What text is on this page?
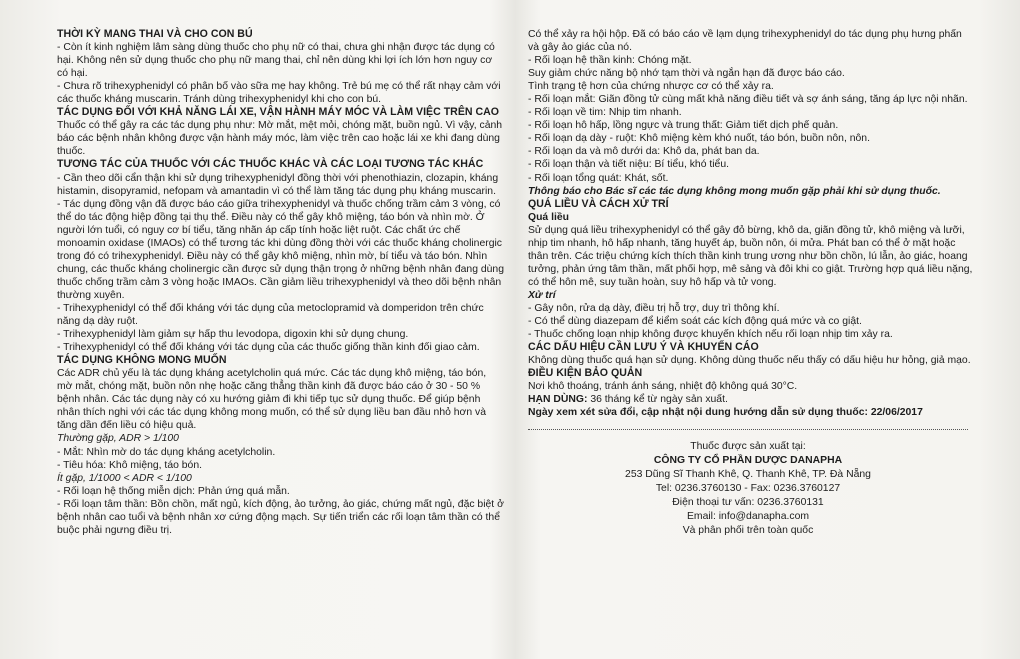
THỜI KỲ MANG THAI VÀ CHO CON BÚ

- Còn ít kinh nghiệm lâm sàng dùng thuốc cho phụ nữ có thai, chưa ghi nhận được tác dụng có hại. Không nên sử dụng thuốc cho phụ nữ mang thai, chỉ nên dùng khi lợi ích lớn hơn nguy cơ có hại.

- Chưa rõ trihexyphenidyl có phân bố vào sữa mẹ hay không. Trẻ bú mẹ có thể rất nhạy cảm với các thuốc kháng muscarin. Tránh dùng trihexyphenidyl khi cho con bú.

TÁC DỤNG ĐỐI VỚI KHẢ NĂNG LÁI XE, VẬN HÀNH MÁY MÓC VÀ LÀM VIỆC TRÊN CAO

Thuốc có thể gây ra các tác dụng phụ như: Mờ mắt, mệt mỏi, chóng mặt, buồn ngủ. Vì vậy, cảnh báo các bệnh nhân không được vận hành máy móc, làm việc trên cao hoặc lái xe khi đang dùng thuốc.

TƯƠNG TÁC CỦA THUỐC VỚI CÁC THUỐC KHÁC VÀ CÁC LOẠI TƯƠNG TÁC KHÁC

- Cần theo dõi cẩn thận khi sử dụng trihexyphenidyl đồng thời với phenothiazin, clozapin, kháng histamin, disopyramid, nefopam và amantadin vì có thể làm tăng tác dụng phụ kháng muscarin.

- Tác dụng đồng vận đã được báo cáo giữa trihexyphenidyl và thuốc chống trầm cảm 3 vòng, có thể do tác động hiệp đồng tại thụ thể. Điều này có thể gây khô miệng, táo bón và nhìn mờ. Ở người lớn tuổi, có nguy cơ bí tiểu, tăng nhãn áp cấp tính hoặc liệt ruột. Các chất ức chế monoamin oxidase (IMAOs) có thể tương tác khi dùng đồng thời với các thuốc kháng cholinergic trong đó có trihexyphenidyl. Điều này có thể gây khô miệng, nhìn mờ, bí tiểu và táo bón. Nhìn chung, các thuốc kháng cholinergic cần được sử dụng thận trọng ở những bệnh nhân đang dùng thuốc chống trầm cảm 3 vòng hoặc IMAOs. Cần giảm liều trihexyphenidyl và theo dõi bệnh nhân thường xuyên.

- Trihexyphenidyl có thể đối kháng với tác dụng của metoclopramid và domperidon trên chức năng dạ dày ruột.

- Trihexyphenidyl làm giảm sự hấp thu levodopa, digoxin khi sử dụng chung.

- Trihexyphenidyl có thể đối kháng với tác dụng của các thuốc giống thần kinh đối giao cảm.

TÁC DỤNG KHÔNG MONG MUỐN

Các ADR chủ yếu là tác dụng kháng acetylcholin quá mức. Các tác dụng khô miệng, táo bón, mờ mắt, chóng mặt, buồn nôn nhẹ hoặc căng thẳng thần kinh đã được báo cáo ở 30 - 50 % bệnh nhân. Các tác dụng này có xu hướng giảm đi khi tiếp tục sử dụng thuốc. Để giúp bệnh nhân thích nghi với các tác dụng không mong muốn, có thể sử dụng liều ban đầu nhỏ hơn và tăng dần đến liều có hiệu quả.

Thường gặp, ADR > 1/100

- Mắt: Nhìn mờ do tác dụng kháng acetylcholin.

- Tiêu hóa: Khô miệng, táo bón.

Ít gặp, 1/1000 < ADR < 1/100

- Rối loạn hệ thống miễn dịch: Phản ứng quá mẫn.

- Rối loạn tâm thần: Bồn chồn, mất ngủ, kích động, ảo tưởng, ảo giác, chứng mất ngủ, đặc biệt ở bệnh nhân cao tuổi và bệnh nhân xơ cứng động mạch. Sự tiến triển các rối loạn tâm thần có thể buộc phải ngưng điều trị.

Có thể xảy ra hội hộp. Đã có báo cáo về lạm dụng trihexyphenidyl do tác dụng phụ hưng phấn và gây ảo giác của nó.

- Rối loạn hệ thần kinh: Chóng mặt.

Suy giảm chức năng bộ nhớ tạm thời và ngắn hạn đã được báo cáo.

Tình trạng tệ hơn của chứng nhược cơ có thể xảy ra.

- Rối loạn mắt: Giãn đồng tử cùng mất khả năng điều tiết và sợ ánh sáng, tăng áp lực nội nhãn.

- Rối loạn về tim: Nhịp tim nhanh.

- Rối loạn hô hấp, lồng ngực và trung thất: Giảm tiết dịch phế quản.

- Rối loạn dạ dày - ruột: Khô miệng kèm khó nuốt, táo bón, buồn nôn, nôn.

- Rối loạn da và mô dưới da: Khô da, phát ban da.

- Rối loạn thận và tiết niệu: Bí tiểu, khó tiểu.

- Rối loạn tổng quát: Khát, sốt.

Thông báo cho Bác sĩ các tác dụng không mong muốn gặp phải khi sử dụng thuốc.

QUÁ LIỀU VÀ CÁCH XỬ TRÍ

Quá liều

Sử dụng quá liều trihexyphenidyl có thể gây đỏ bừng, khô da, giãn đồng tử, khô miệng và lưỡi, nhịp tim nhanh, hô hấp nhanh, tăng huyết áp, buồn nôn, ói mửa. Phát ban có thể ở mặt hoặc thân trên. Các triệu chứng kích thích thần kinh trung ương như bồn chồn, lú lẫn, ảo giác, hoang tưởng, phản ứng tâm thần, mất phối hợp, mê sảng và đôi khi co giật. Trường hợp quá liều nặng, có thể hôn mê, suy tuần hoàn, suy hô hấp và tử vong.

Xử trí

- Gây nôn, rửa dạ dày, điều trị hỗ trợ, duy trì thông khí.

- Có thể dùng diazepam để kiểm soát các kích động quá mức và co giật.

- Thuốc chống loạn nhịp không được khuyến khích nếu rối loạn nhịp tim xảy ra.

CÁC DẤU HIỆU CẦN LƯU Ý VÀ KHUYẾN CÁO

Không dùng thuốc quá hạn sử dụng. Không dùng thuốc nếu thấy có dấu hiệu hư hỏng, giả mạo.

ĐIỀU KIỆN BẢO QUẢN

Nơi khô thoáng, tránh ánh sáng, nhiệt độ không quá 30°C.

HẠN DÙNG: 36 tháng kể từ ngày sản xuất.

Ngày xem xét sửa đổi, cập nhật nội dung hướng dẫn sử dụng thuốc: 22/06/2017

Thuốc được sản xuất tại:
CÔNG TY CỔ PHẦN DƯỢC DANAPHA
253 Dũng Sĩ Thanh Khê, Q. Thanh Khê, TP. Đà Nẵng
Tel: 0236.3760130 - Fax: 0236.3760127
Điện thoại tư vấn: 0236.3760131
Email: info@danapha.com
Và phân phối trên toàn quốc
